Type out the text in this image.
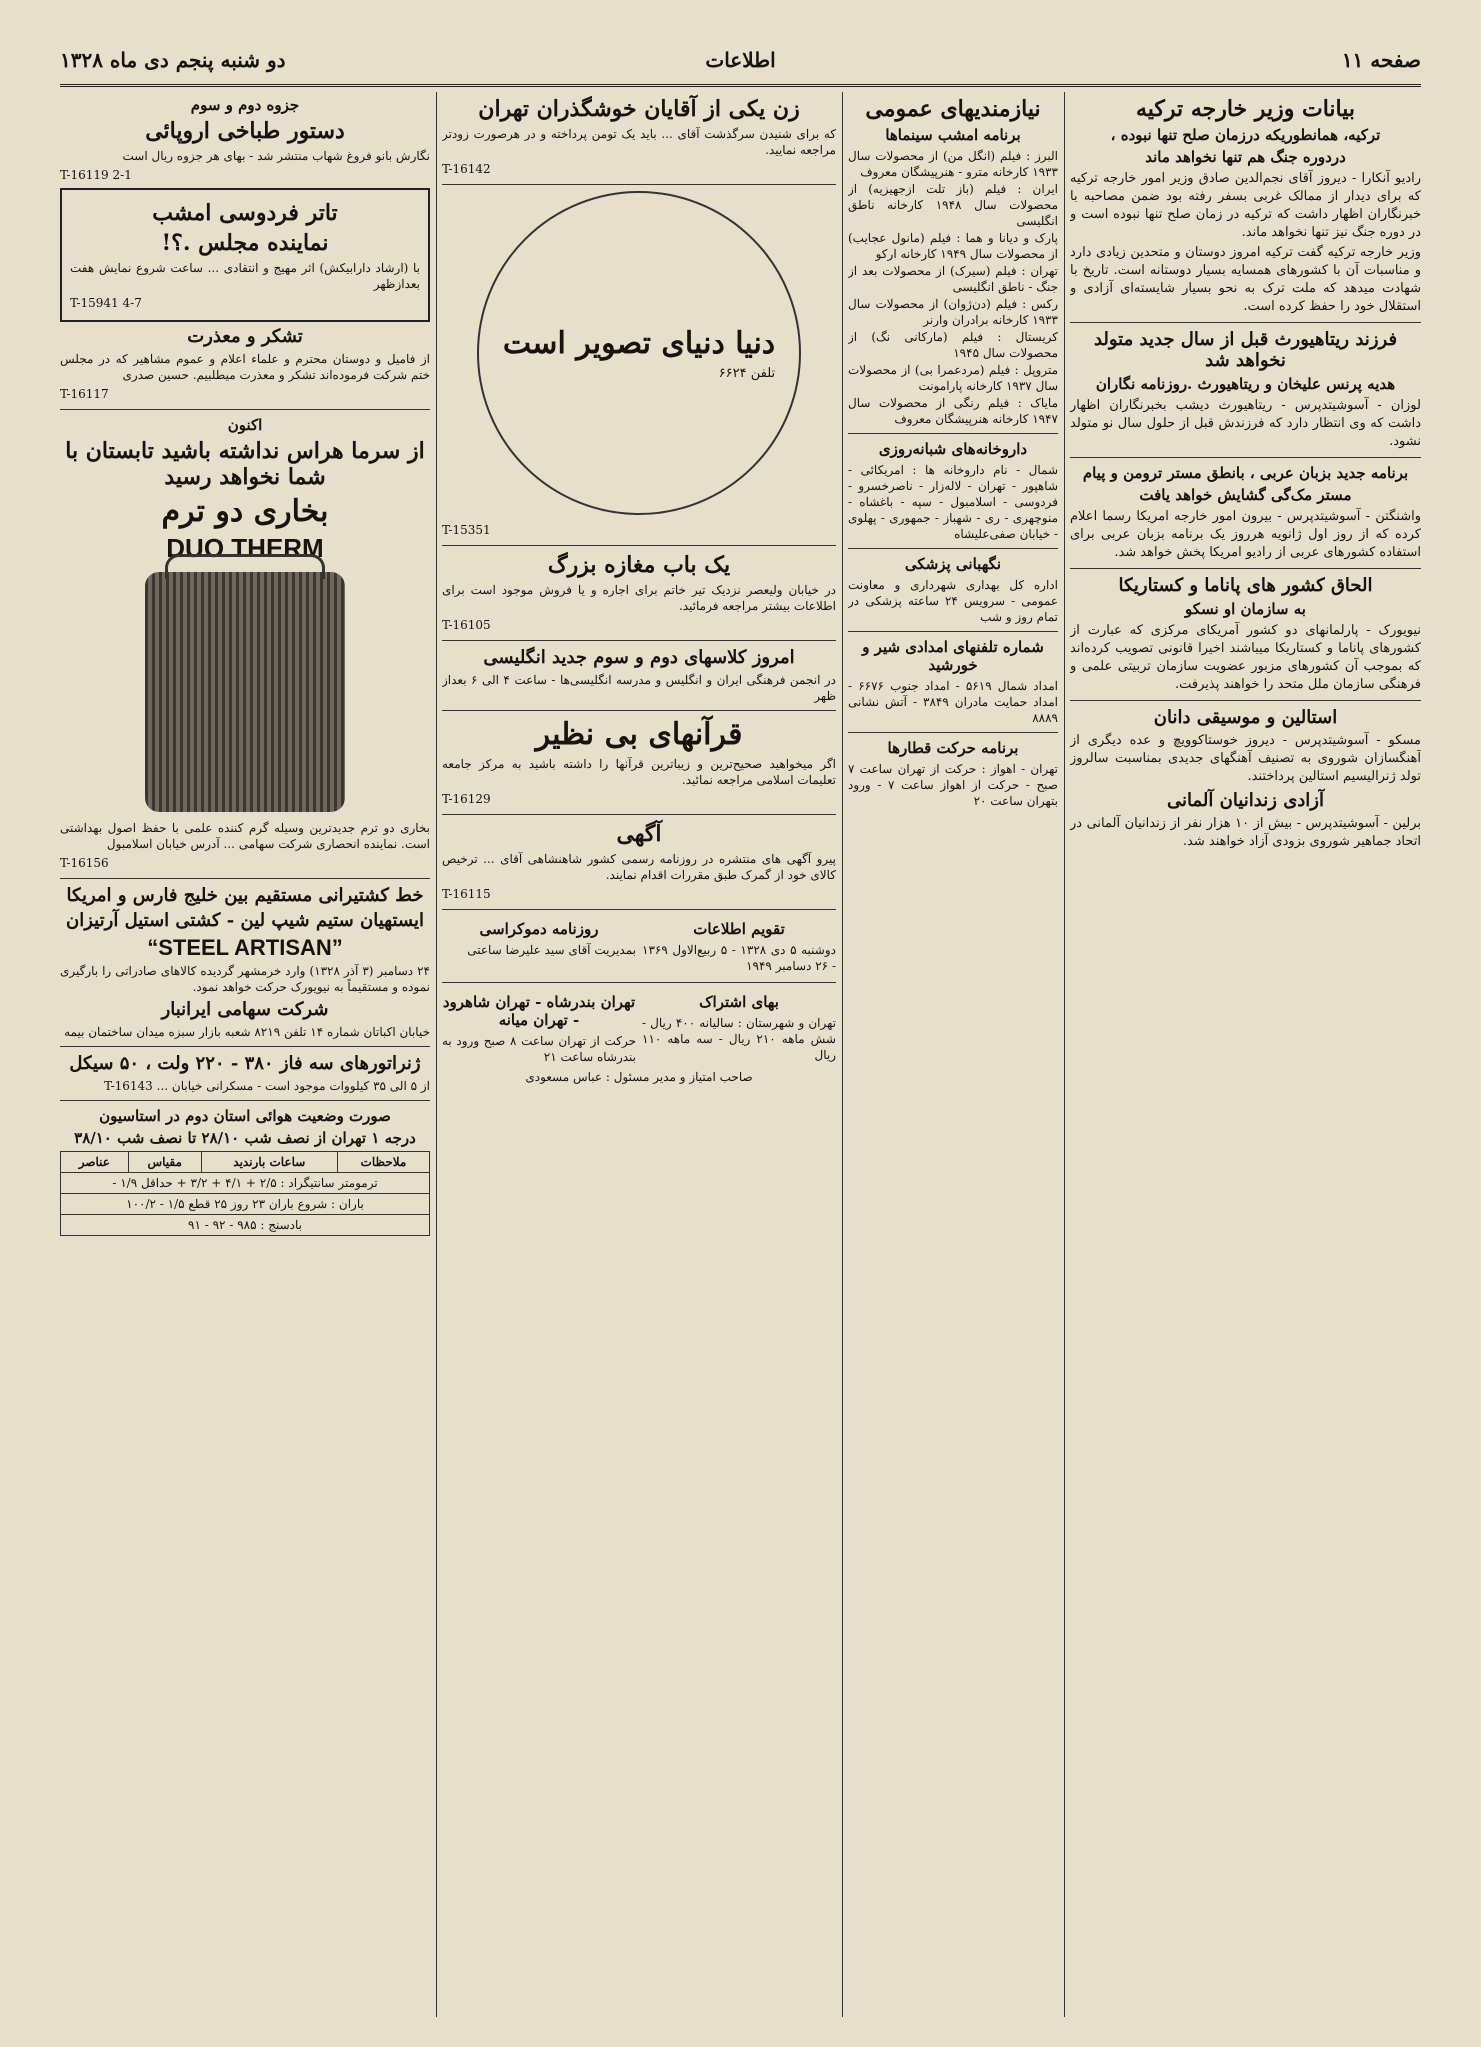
صفحه ۱۱
اطلاعات
دو شنبه پنجم دی ماه ۱۳۲۸
بیانات وزیر خارجه ترکیه
ترکیه، همانطوریکه درزمان صلح تنها نبوده ،
دردوره جنگ هم تنها نخواهد ماند

رادیو آنکارا - دیروز آقای نجم‌الدین صادق وزیر امور خارجه ترکیه که برای دیدار از ممالک غربی بسفر رفته بود ضمن مصاحبه با خبرنگاران اظهار داشت که ترکیه در زمان صلح تنها نبوده است و در دوره جنگ نیز تنها نخواهد ماند.

وزیر خارجه ترکیه گفت ترکیه امروز دوستان و متحدین زیادی دارد و مناسبات آن با کشورهای همسایه بسیار دوستانه است. تاریخ با شهادت میدهد که ملت ترک به نحو بسیار شایسته‌ای آزادی و استقلال خود را حفظ کرده است.

فرزند ریتاهیورث قبل از سال جدید متولد نخواهد شد
هدیه پرنس علیخان و ریتاهیورث .روزنامه نگاران

لوزان - آسوشیتدپرس - ریتاهیورث دیشب بخبرنگاران اظهار داشت که وی انتظار دارد که فرزندش قبل از حلول سال نو متولد نشود.

برنامه جدید بزبان عربی ، بانطق مستر ترومن و پیام
مستر مک‌گی گشایش خواهد یافت

واشنگتن - آسوشیتدپرس - بیرون امور خارجه امریکا رسما اعلام کرده که از روز اول ژانویه هرروز یک برنامه بزبان عربی برای استفاده کشورهای عربی از رادیو امریکا پخش خواهد شد.

الحاق کشور های پاناما و کستاریکا
به سازمان او نسکو

نیویورک - پارلمانهای دو کشور آمریکای مرکزی که عبارت از کشورهای پاناما و کستاریکا میباشند اخیرا قانونی تصویب کرده‌اند که بموجب آن کشورهای مزبور عضویت سازمان تربیتی علمی و فرهنگی سازمان ملل متحد را خواهند پذیرفت.

استالین و موسیقی دانان

مسکو - آسوشیتدپرس - دیروز خوستاکوویچ و عده دیگری از آهنگسازان شوروی به تصنیف آهنگهای جدیدی بمناسبت سالروز تولد ژنرالیسیم استالین پرداختند.

آزادی زندانیان آلمانی

برلین - آسوشیتدپرس - بیش از ۱۰ هزار نفر از زندانیان آلمانی در اتحاد جماهیر شوروی بزودی آزاد خواهند شد.

نیازمندیهای عمومی
برنامه امشب سینماها

البرز : فیلم (انگل من) از محصولات سال ۱۹۳۳ کارخانه مترو - هنرپیشگان معروف

ایران : فیلم (باز تلت ازجهیزیه) از محصولات سال ۱۹۴۸ کارخانه ناطق انگلیسی

پارک و دیانا و هما : فیلم (مانول عجایب) از محصولات سال ۱۹۴۹ کارخانه ارکو

تهران : فیلم (سیرک) از محصولات بعد از جنگ - ناطق انگلیسی

رکس : فیلم (دن‌ژوان) از محصولات سال ۱۹۳۳ کارخانه برادران وارنر

کریستال : فیلم (مارکانی نگ) از محصولات سال ۱۹۴۵

متروپل : فیلم (مردعمرا بی) از محصولات سال ۱۹۳۷ کارخانه پارامونت

مایاک : فیلم رنگی از محصولات سال ۱۹۴۷ کارخانه هنرپیشگان معروف

داروخانه‌های شبانه‌روزی

شمال - نام داروخانه ها : امریکائی - شاهپور - تهران - لاله‌زار - ناصرخسرو - فردوسی - اسلامبول - سپه - باغشاه - منوچهری - ری - شهباز - جمهوری - پهلوی - خیابان صفی‌علیشاه

نگهبانی پزشکی

اداره کل بهداری شهرداری و معاونت عمومی - سرویس ۲۴ ساعته پزشکی در تمام روز و شب

شماره تلفنهای امدادی شیر و خورشید

امداد شمال ۵۶۱۹ - امداد جنوب ۶۶۷۶ - امداد حمایت مادران ۳۸۴۹ - آتش نشانی ۸۸۸۹

برنامه حرکت قطارها

تهران - اهواز : حرکت از تهران ساعت ۷ صبح - حرکت از اهواز ساعت ۷ - ورود بتهران ساعت ۲۰

زن یکی از آقایان خوشگذران تهران

که برای شنیدن سرگذشت آقای ... باید یک تومن پرداخته و در هرصورت زودتر مراجعه نمایید.

T-16142

دنیا دنیای تصویر است

تلفن ۶۶۲۴

T-15351

یک باب مغازه بزرگ

در خیابان ولیعصر نزدیک تیر خاتم برای اجاره و یا فروش موجود است برای اطلاعات بیشتر مراجعه فرمائید.

T-16105

امروز کلاسهای دوم و سوم جدید انگلیسی

در انجمن فرهنگی ایران و انگلیس و مدرسه انگلیسی‌ها - ساعت ۴ الی ۶ بعداز ظهر

قرآنهای بی نظیر

اگر میخواهید صحیح‌ترین و زیباترین قرآنها را داشته باشید به مرکز جامعه تعلیمات اسلامی مراجعه نمائید.

T-16129

آگهی

پیرو آگهی های منتشره در روزنامه رسمی کشور شاهنشاهی آقای ... ترخیص کالای خود از گمرک طبق مقررات اقدام نمایند.

T-16115

تقویم اطلاعات

دوشنبه ۵ دی ۱۳۲۸ - ۵ ربیع‌الاول ۱۳۶۹ - ۲۶ دسامبر ۱۹۴۹

روزنامه دموکراسی

بمدیریت آقای سید علیرضا ساعتی

بهای اشتراک

تهران و شهرستان : سالیانه ۴۰۰ ریال - شش ماهه ۲۱۰ ریال - سه ماهه ۱۱۰ ریال

تهران بندرشاه - تهران شاهرود - تهران میانه

حرکت از تهران ساعت ۸ صبح ورود به بندرشاه ساعت ۲۱

صاحب امتیاز و مدیر مسئول : عباس مسعودی

جزوه دوم و سوم
دستور طباخی اروپائی

نگارش بانو فروغ شهاب منتشر شد - بهای هر جزوه ریال است

T-16119 2-1

تاتر فردوسی امشب
نماینده مجلس .؟!

با (ارشاد دارابیکش) اثر مهیج و انتقادی ... ساعت شروع نمایش هفت بعدازظهر

T-15941 4-7

تشکر و معذرت

از فامیل و دوستان محترم و علماء اعلام و عموم مشاهیر که در مجلس ختم شرکت فرموده‌اند تشکر و معذرت میطلبیم. حسین صدری

T-16117

اکنون
از سرما هراس نداشته باشید تابستان با شما نخواهد رسید
بخاری دو ترم
DUO THERM

بخاری دو ترم جدیدترین وسیله گرم کننده علمی با حفظ اصول بهداشتی است. نماینده انحصاری شرکت سهامی ... آدرس خیابان اسلامبول

T-16156

خط کشتیرانی مستقیم بین خلیج فارس و امریکا
ایستهیان ستیم شیپ لین - کشتی استیل آرتیزان
“STEEL ARTISAN”

۲۴ دسامبر (۳ آذر ۱۳۲۸) وارد خرمشهر گردیده کالاهای صادراتی را بارگیری نموده و مستقیماً به نیویورک حرکت خواهد نمود.

شرکت سهامی ایرانبار

خیابان اکباتان شماره ۱۴ تلفن ۸۲۱۹ شعبه بازار سبزه میدان ساختمان بیمه

ژنراتورهای سه فاز ۳۸۰ - ۲۲۰ ولت ، ۵۰ سیکل

از ۵ الی ۳۵ کیلووات موجود است - مسکرانی خیابان ... T-16143

صورت وضعیت هوائی استان دوم در استاسیون
درجه ۱ تهران از نصف شب ۲۸/۱۰ تا نصف شب ۳۸/۱۰
ملاحظات	ساعات بارندید	مقیاس	عناصر
ترمومتر سانتیگراد : ۲/۵ + ۴/۱ + ۳/۲ + حداقل ۱/۹ -
باران : شروع باران ۲۳ روز ۲۵ قطع ۱/۵ - ۱۰۰/۲
بادسنج : ۹۸۵ - ۹۲ - ۹۱
